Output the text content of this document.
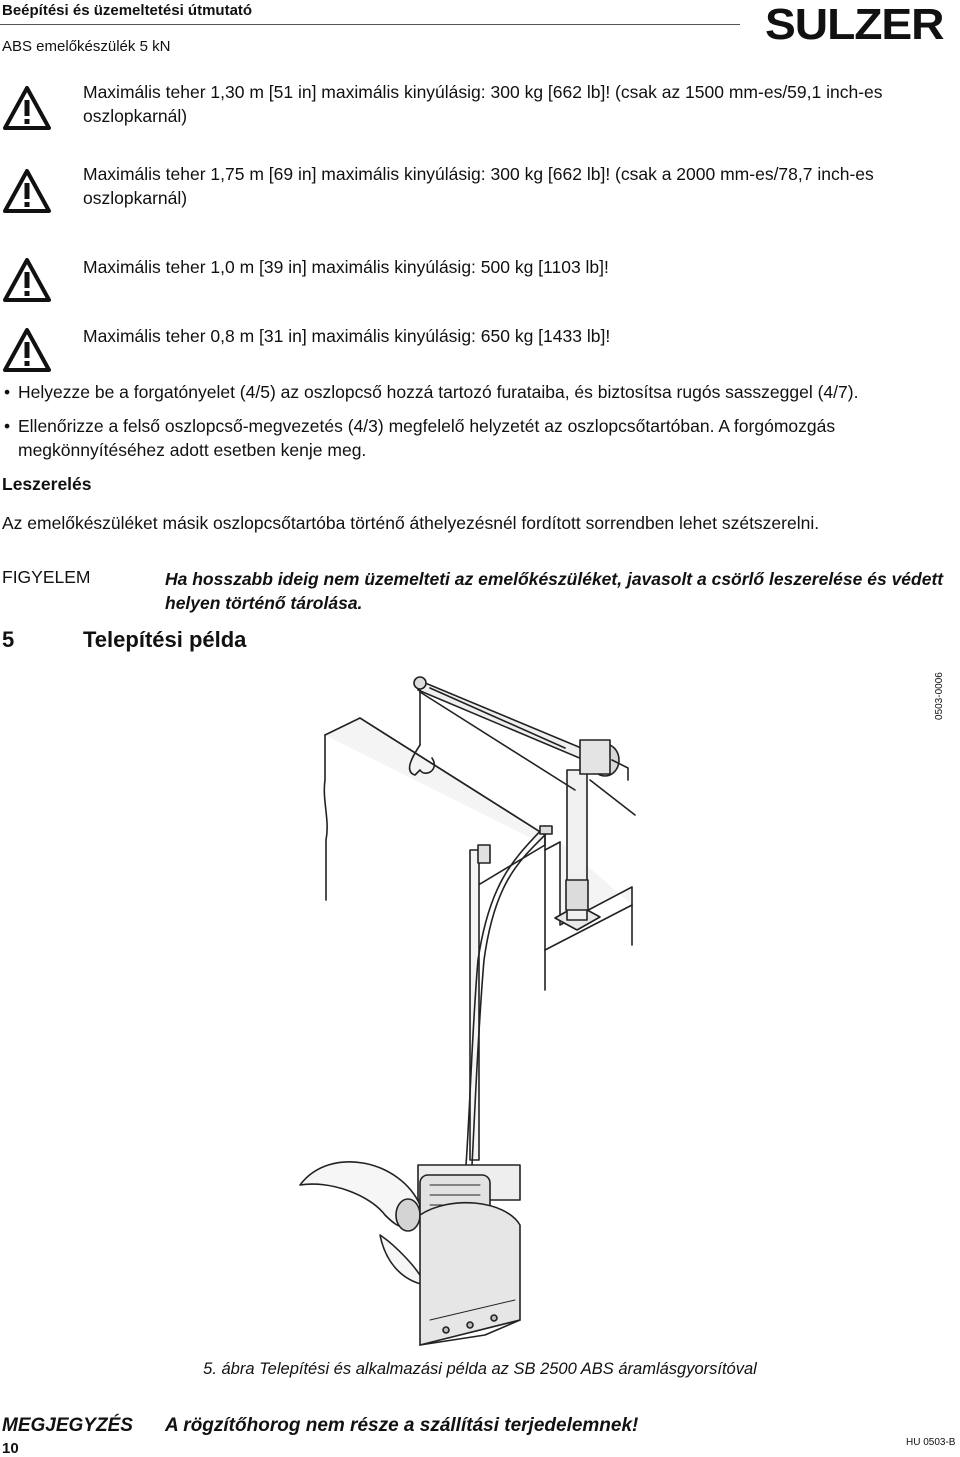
Beépítési és üzemeltetési útmutató
ABS emelőkészülék 5 kN	SULZER
Maximális teher 1,30 m [51 in] maximális kinyúlásig: 300 kg [662 lb]! (csak az 1500 mm-es/59,1 inch-es oszlopkarnál)
Maximális teher 1,75 m [69 in] maximális kinyúlásig: 300 kg [662 lb]! (csak a 2000 mm-es/78,7 inch-es oszlopkarnál)
Maximális teher 1,0 m [39 in] maximális kinyúlásig: 500 kg [1103 lb]!
Maximális teher 0,8 m [31 in] maximális kinyúlásig: 650 kg [1433 lb]!
• Helyezze be a forgatónyelet (4/5) az oszlopcső hozzá tartozó furataiba, és biztosítsa rugós sasszeggel (4/7).
• Ellenőrizze a felső oszlopcső-megvezetés (4/3) megfelelő helyzetét az oszlopcsőtartóban. A forgómozgás megkönnyítéséhez adott esetben kenje meg.
Leszerelés
Az emelőkészüléket másik oszlopcsőtartóba történő áthelyezésnél fordított sorrendben lehet szétszerelni.
FIGYELEM	Ha hosszabb ideig nem üzemelteti az emelőkészüléket, javasolt a csörlő leszerelése és védett helyen történő tárolása.
5	Telepítési példa
0503-0006
5. ábra Telepítési és alkalmazási példa az SB 2500 ABS áramlásgyorsítóval
MEGJEGYZÉS A rögzítőhorog nem része a szállítási terjedelemnek!
10	HU 0503-B
